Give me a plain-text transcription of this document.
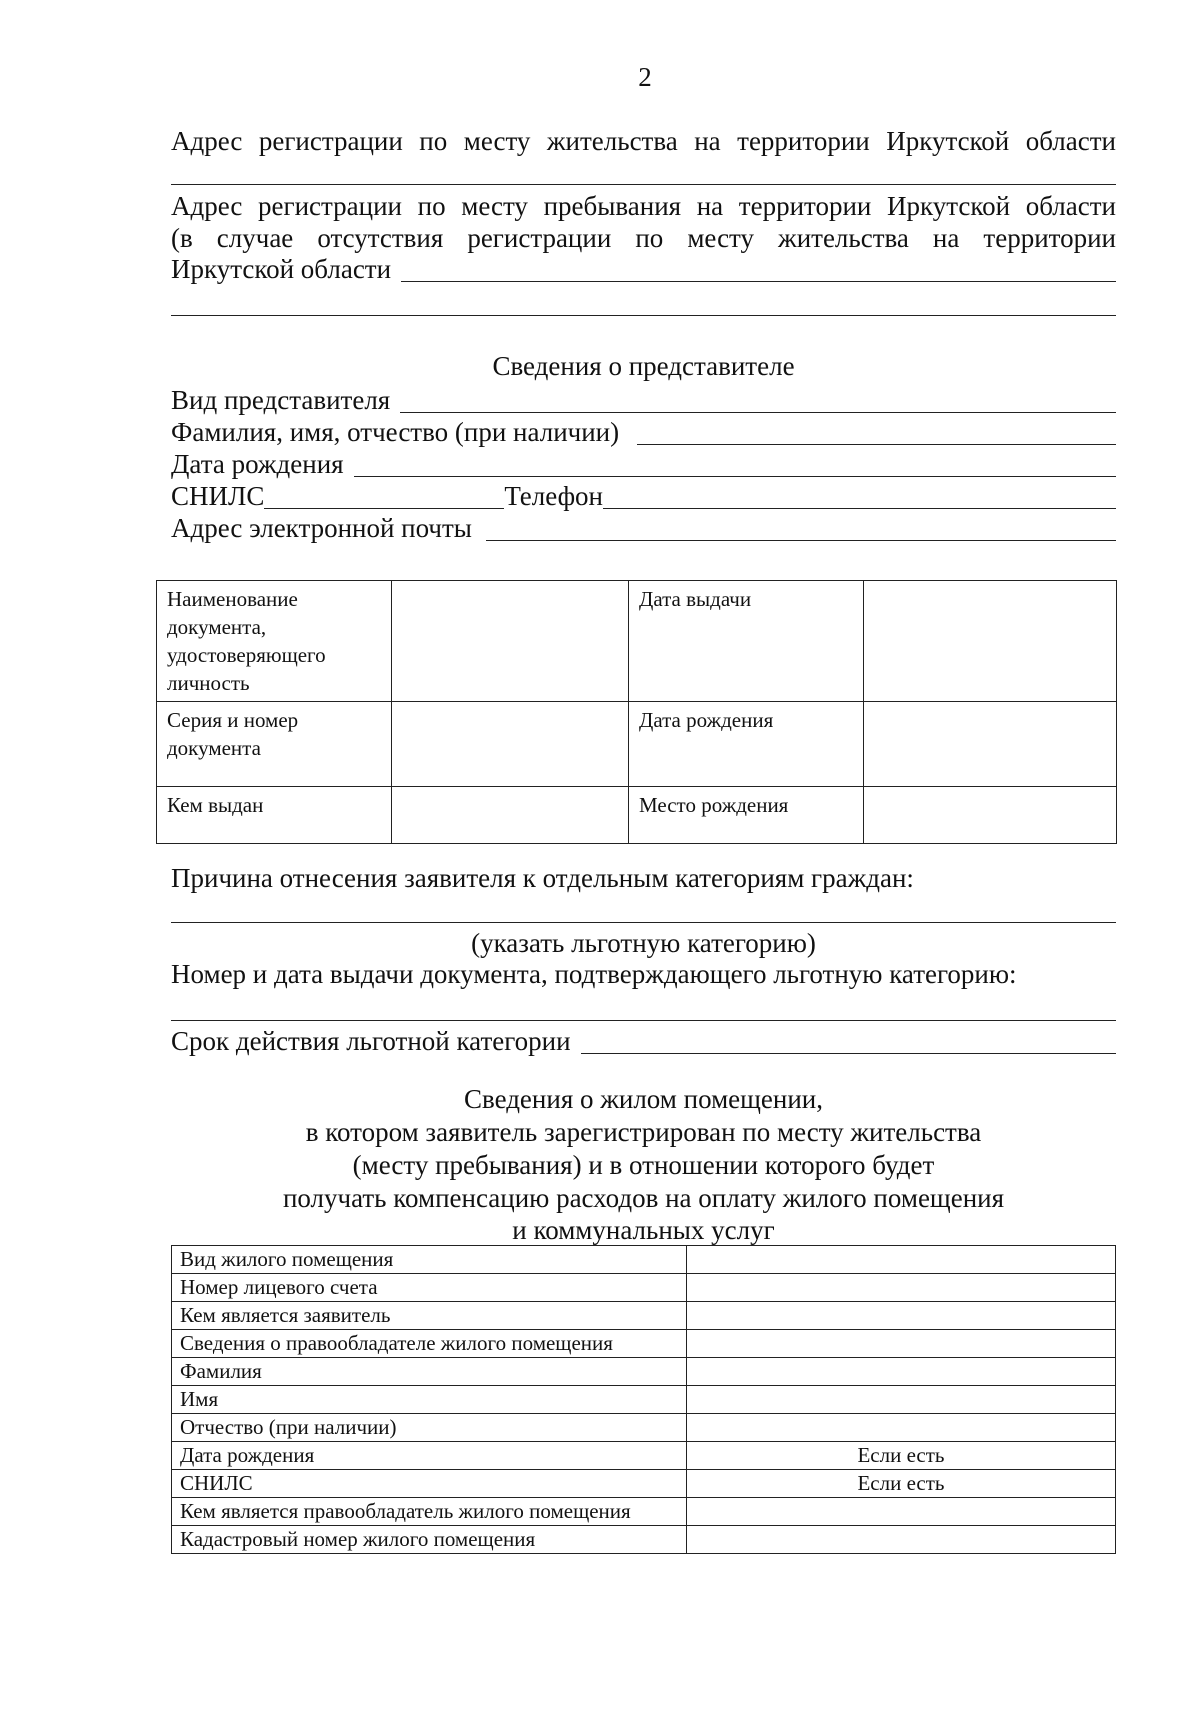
2
Адрес регистрации по месту жительства на территории Иркутской области
Адрес регистрации по месту пребывания на территории Иркутской области
(в случае отсутствия регистрации по месту жительства на территории
Иркутской области
Сведения о представителе
Вид представителя
Фамилия, имя, отчество (при наличии)
Дата рождения
СНИЛС	Телефон
Адрес электронной почты
Наименование документа, удостоверяющего личность		Дата выдачи	
Серия и номер документа		Дата рождения	
Кем выдан		Место рождения	
Причина отнесения заявителя к отдельным категориям граждан:
(указать льготную категорию)
Номер и дата выдачи документа, подтверждающего льготную категорию:
Срок действия льготной категории
Сведения о жилом помещении,
в котором заявитель зарегистрирован по месту жительства
(месту пребывания) и в отношении которого будет
получать компенсацию расходов на оплату жилого помещения
и коммунальных услуг
Вид жилого помещения	
Номер лицевого счета	
Кем является заявитель	

Сведения о правообладателе жилого помещения	

Фамилия	
Имя	
Отчество (при наличии)	
Дата рождения	Если есть
СНИЛС	Если есть

Кем является правообладатель жилого помещения	

Кадастровый номер жилого помещения	
